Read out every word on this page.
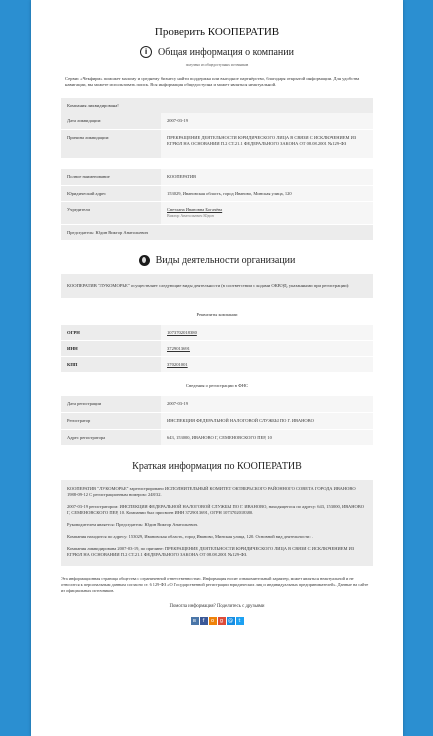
Проверить КООПЕРАТИВ
i	Общая информация о компании
получено из общедоступных источников
Сервис «Чекфирм» поможет малому и среднему бизнесу найти поддержка или выгодное партнёрство, благодаря открытой информации. Для удобства навигации, вы можете использовать поиск. Вся информация общедоступна и может являться неактуальной.
Компания ликвидирована!
Дата ликвидации:	2007-03-19
Причина ликвидации:	ПРЕКРАЩЕНИЕ ДЕЯТЕЛЬНОСТИ ЮРИДИЧЕСКОГО ЛИЦА В СВЯЗИ С ИСКЛЮЧЕНИЕМ ИЗ ЕГРЮЛ НА ОСНОВАНИИ П.2 СТ.21.1 ФЕДЕРАЛЬНОГО ЗАКОНА ОТ 08.08.2001 №129-ФЗ
Полное наименование	КООПЕРАТИВ
Юридический адрес	153029, Ивановская область, город Иваново, Минская улица, 120
Учредители	Светлана Ивановна Богачёва
Виктор Анатольевич Юдин

Председатель: Юдин Виктор Анатольевич	
Виды деятельности организации
КООПЕРАТИВ "ЛУКОМОРЬЕ" осуществляет следующие виды деятельности (в соответствии с кодами ОКВЭД, указанными при регистрации):
Реквизиты компании
ОГРН	1073702018380
ИНН	3729013691
КПП	370201001
Сведения о регистрации в ФНС
Дата регистрации	2007-03-19
Регистратор	ИНСПЕКЦИЯ ФЕДЕРАЛЬНОЙ НАЛОГОВОЙ СЛУЖБЫ ПО Г. ИВАНОВО
Адрес регистратора	643, 153000, ИВАНОВО Г, СЕМЕНОВСКОГО ПЕР, 10
Краткая информация по КООПЕРАТИВ

КООПЕРАТИВ "ЛУКОМОРЬЕ" зарегистрировано ИСПОЛНИТЕЛЬНЫЙ КОМИТЕТ ОКТЯБРЬСКОГО РАЙОННОГО СОВЕТА ГОРОДА ИВАНОВО 1988-09-12 С регистрационным номером: 248/32.

2007-03-19 регистратором: ИНСПЕКЦИЯ ФЕДЕРАЛЬНОЙ НАЛОГОВОЙ СЛУЖБЫ ПО Г. ИВАНОВО, находящегося по адресу: 643, 153000, ИВАНОВО Г, СЕМЕНОВСКОГО ПЕР, 10. Компании был присвоен ИНН 3729013691, ОГРН 1073702018380.

Руководителем является: Председатель: Юдин Виктор Анатольевич.

Компания находится по адресу: 153029, Ивановская область, город Иваново, Минская улица, 120. Основной вид деятельности: .

Компания ликвидирована 2007-03-19, по причине: ПРЕКРАЩЕНИЕ ДЕЯТЕЛЬНОСТИ ЮРИДИЧЕСКОГО ЛИЦА В СВЯЗИ С ИСКЛЮЧЕНИЕМ ИЗ ЕГРЮЛ НА ОСНОВАНИИ П.2 СТ.21.1 ФЕДЕРАЛЬНОГО ЗАКОНА ОТ 08.08.2001 №129-ФЗ.

Эта информационная страница общества с ограниченной ответственностью. Информация носит ознакомительный характер, может являться неактуальной и не относится к персональным данным согласно ст. 6 129-ФЗ «О Государственной регистрации юридических лиц и индивидуальных предпринимателей». Данные на сайте из официальных источников.
Помогла информация? Поделитесь с друзьями
в	f	о	g @	t
